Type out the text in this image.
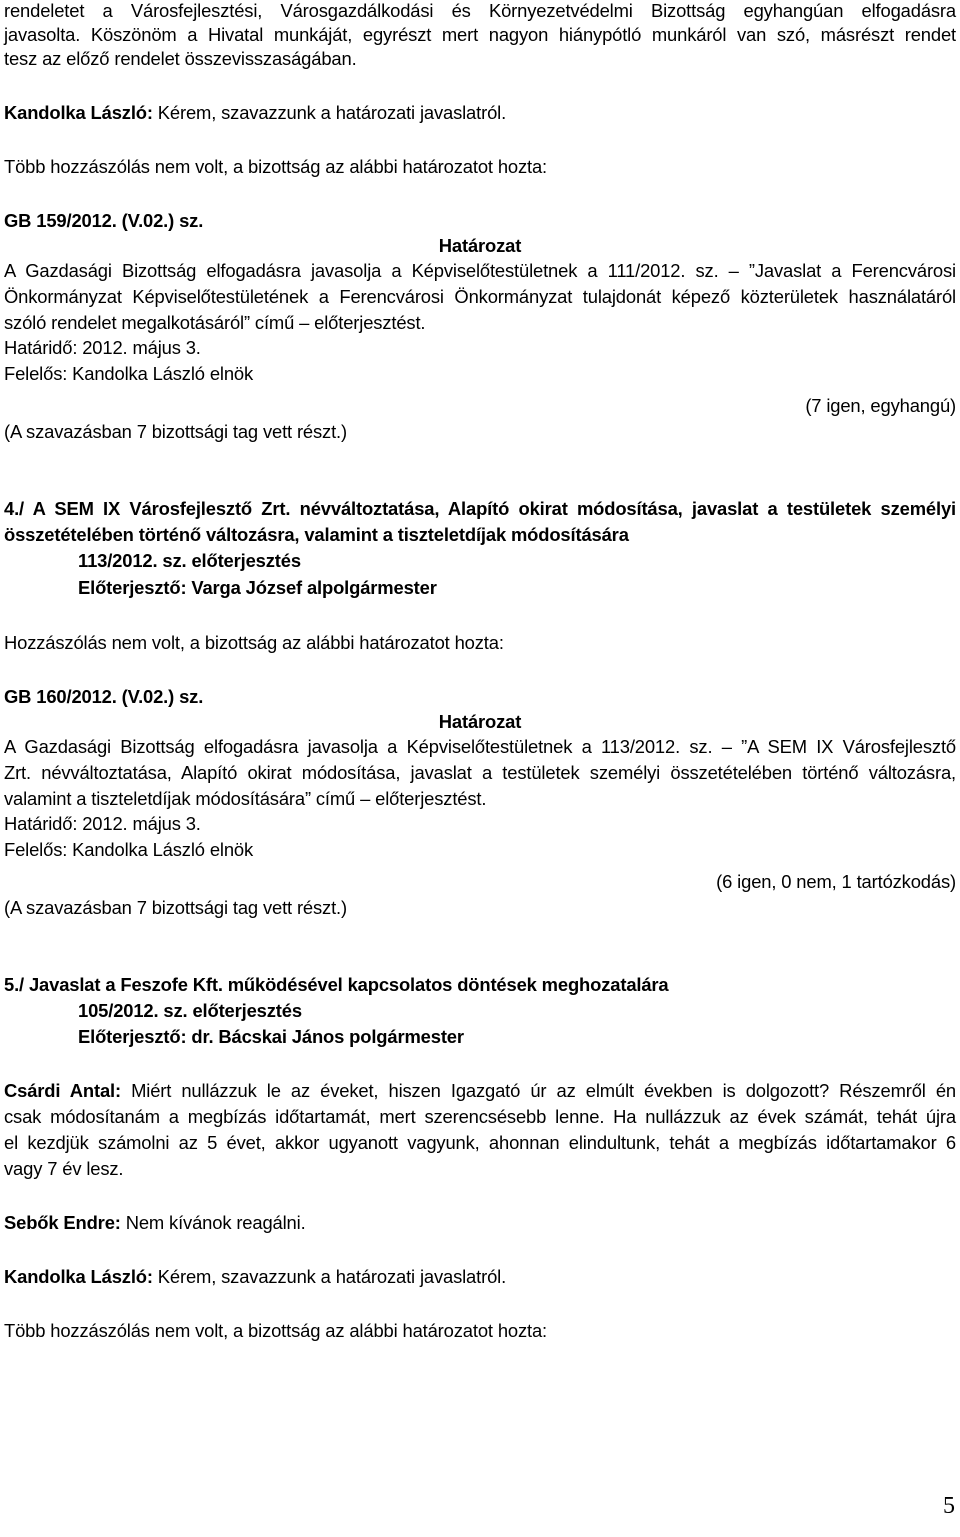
rendeletet a Városfejlesztési, Városgazdálkodási és Környezetvédelmi Bizottság egyhangúan elfogadásra
javasolta. Köszönöm a Hivatal munkáját, egyrészt mert nagyon hiánypótló munkáról van szó, másrészt rendet
tesz az előző rendelet összevisszaságában.
Kandolka László: Kérem, szavazzunk a határozati javaslatról.
Több hozzászólás nem volt, a bizottság az alábbi határozatot hozta:
GB 159/2012. (V.02.) sz.
Határozat
A Gazdasági Bizottság elfogadásra javasolja a Képviselőtestületnek a 111/2012. sz. – ”Javaslat a Ferencvárosi
Önkormányzat Képviselőtestületének a Ferencvárosi Önkormányzat tulajdonát képező közterületek használatáról
szóló rendelet megalkotásáról” című – előterjesztést.
Határidő: 2012. május 3.
Felelős: Kandolka László elnök
(7 igen, egyhangú)
(A szavazásban 7 bizottsági tag vett részt.)
4./ A SEM IX Városfejlesztő Zrt. névváltoztatása, Alapító okirat módosítása, javaslat a testületek személyi
összetételében történő változásra, valamint a tiszteletdíjak módosítására
113/2012. sz. előterjesztés
Előterjesztő: Varga József alpolgármester
Hozzászólás nem volt, a bizottság az alábbi határozatot hozta:
GB 160/2012. (V.02.) sz.
Határozat
A Gazdasági Bizottság elfogadásra javasolja a Képviselőtestületnek a 113/2012. sz. – ”A SEM IX Városfejlesztő
Zrt. névváltoztatása, Alapító okirat módosítása, javaslat a testületek személyi összetételében történő változásra,
valamint a tiszteletdíjak módosítására” című – előterjesztést.
Határidő: 2012. május 3.
Felelős: Kandolka László elnök
(6 igen, 0 nem, 1 tartózkodás)
(A szavazásban 7 bizottsági tag vett részt.)
5./ Javaslat a Feszofe Kft. működésével kapcsolatos döntések meghozatalára
105/2012. sz. előterjesztés
Előterjesztő: dr. Bácskai János polgármester
Csárdi Antal: Miért nullázzuk le az éveket, hiszen Igazgató úr az elmúlt években is dolgozott? Részemről én
csak módosítanám a megbízás időtartamát, mert szerencsésebb lenne. Ha nullázzuk az évek számát, tehát újra
el kezdjük számolni az 5 évet, akkor ugyanott vagyunk, ahonnan elindultunk, tehát a megbízás időtartamakor 6
vagy 7 év lesz.
Sebők Endre: Nem kívánok reagálni.
Kandolka László: Kérem, szavazzunk a határozati javaslatról.
Több hozzászólás nem volt, a bizottság az alábbi határozatot hozta:
5
